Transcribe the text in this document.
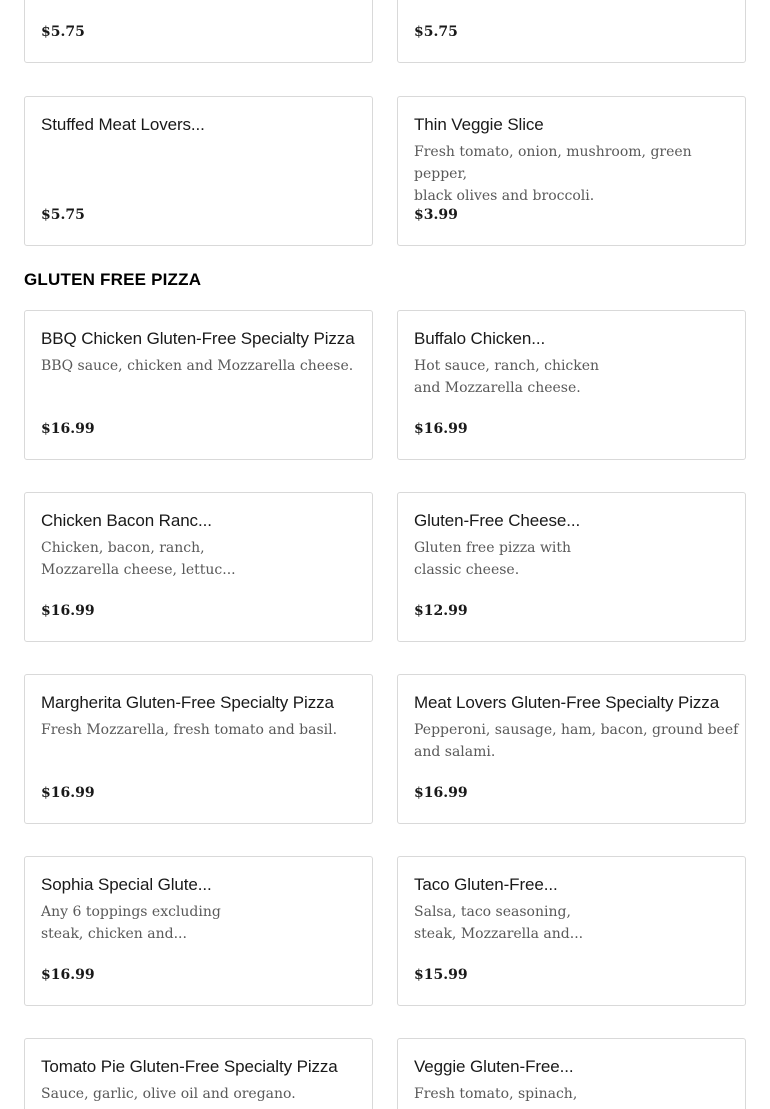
$5.75	$5.75
Stuffed Meat Lovers...
$5.75
Thin Veggie Slice
Fresh tomato, onion, mushroom, green pepper,
black olives and broccoli.
$3.99
GLUTEN FREE PIZZA
BBQ Chicken Gluten-Free Specialty Pizza
BBQ sauce, chicken and Mozzarella cheese.
$16.99
Buffalo Chicken...
Hot sauce, ranch, chicken
and Mozzarella cheese.
$16.99
Chicken Bacon Ranc...
Chicken, bacon, ranch,
Mozzarella cheese, lettuc...
$16.99
Gluten-Free Cheese...
Gluten free pizza with
classic cheese.
$12.99
Margherita Gluten-Free Specialty Pizza
Fresh Mozzarella, fresh tomato and basil.
$16.99
Meat Lovers Gluten-Free Specialty Pizza
Pepperoni, sausage, ham, bacon, ground beef
and salami.
$16.99
Sophia Special Glute...
Any 6 toppings excluding
steak, chicken and...
$16.99
Taco Gluten-Free...
Salsa, taco seasoning,
steak, Mozzarella and...
$15.99
Tomato Pie Gluten-Free Specialty Pizza
Sauce, garlic, olive oil and oregano.
Veggie Gluten-Free...
Fresh tomato, spinach,
